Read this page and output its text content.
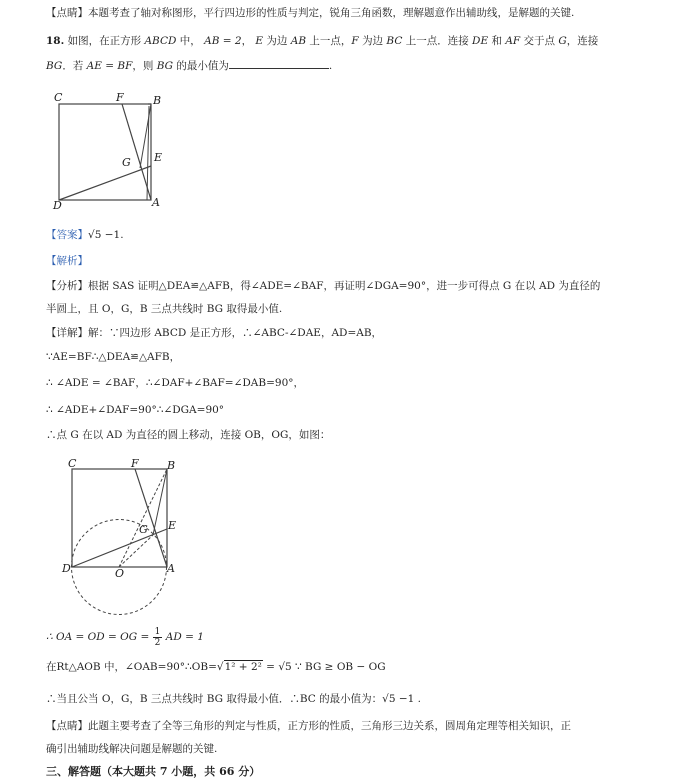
【点睛】本题考查了轴对称图形，平行四边形的性质与判定，锐角三角函数，理解题意作出辅助线，是解题的关键.
18. 如图，在正方形 ABCD 中， AB = 2， E 为边 AB 上一点，F 为边 BC 上一点．连接 DE 和 AF 交于点 G，连接
BG．若 AE = BF，则 BG 的最小值为	.
C	F	B
G E
D	A
【答案】√5 −1.
【解析】
【分析】根据 SAS 证明△DEA≌△AFB，得∠ADE=∠BAF，再证明∠DGA=90°，进一步可得点 G 在以 AD 为直径的
半圆上，且 O，G，B 三点共线时 BG 取得最小值.
【详解】解：∵四边形 ABCD 是正方形，∴∠ABC-∠DAE，AD=AB，
∵AE=BF∴△DEA≌△AFB，
∴ ∠ADE = ∠BAF，∴∠DAF+∠BAF=∠DAB=90°，
∴ ∠ADE+∠DAF=90°∴∠DGA=90°
∴点 G 在以 AD 为直径的圆上移动，连接 OB，OG，如图：
C	F	B
G E
D	O	A
∴ OA = OD = OG = $\frac{1}{2}$ AD = 1
在Rt△AOB 中，∠OAB=90°∴OB=√1² + 2² = √5 ∵ BG ≥ OB − OG
∴当且公当 O，G，B 三点共线时 BG 取得最小值．∴BC 的最小值为：√5 −1 .
【点睛】此题主要考查了全等三角形的判定与性质，正方形的性质，三角形三边关系，圆周角定理等相关知识，正
确引出辅助线解决问题是解题的关键.
三、解答题（本大题共 7 小题，共 66 分）
